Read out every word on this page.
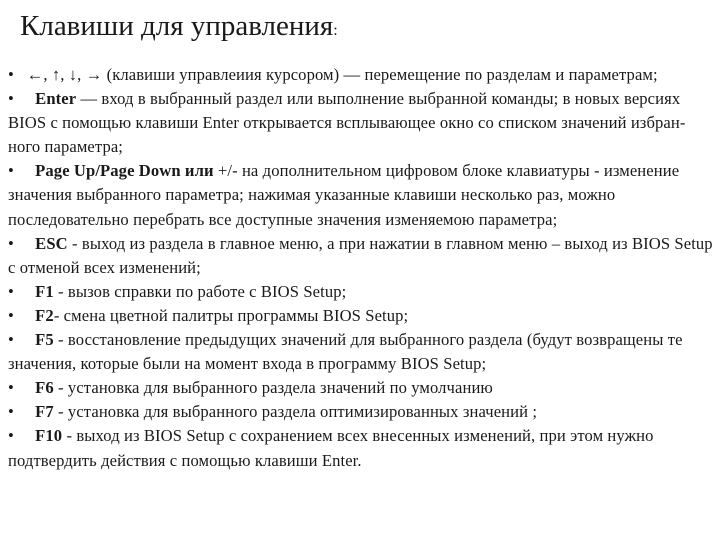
Клавиши для управления:

•   ←, ↑, ↓, → (клавиши управлеиия курсором) — перемещение по разделам и параметрам;

• Enter — вход в выбранный раздел или выполнение выбранной команды; в новых версиях BIOS с помощью клавиши Enter открывается всплывающее окно со списком значений избран-ного параметра;

• Page Up/Page Down или +/- на дополнительном цифровом блоке клавиатуры - изменение значения выбранного параметра; нажимая указанные клавиши несколько раз, можно последовательно перебрать все доступные значения изменяемою параметра;

• ESC - выход из раздела в главное меню, а при нажатии в главном меню – выход из BIOS Setup с отменой всех изменений;

• F1 - вызов справки по работе с BIOS Setup;

• F2- смена цветной палитры программы BIOS Setup;

• F5 - восстановление предыдущих значений для выбранного раздела (будут возвращены те значения, которые были на момент входа в программу BIOS Setup;

• F6 - установка для выбранного раздела значений по умолчанию

• F7 - установка для выбранного раздела оптимизированных значений ;

• F10 - выход из BIOS Setup с сохранением всех внесенных изменений, при этом нужно подтвердить действия с помощью клавиши Enter.
